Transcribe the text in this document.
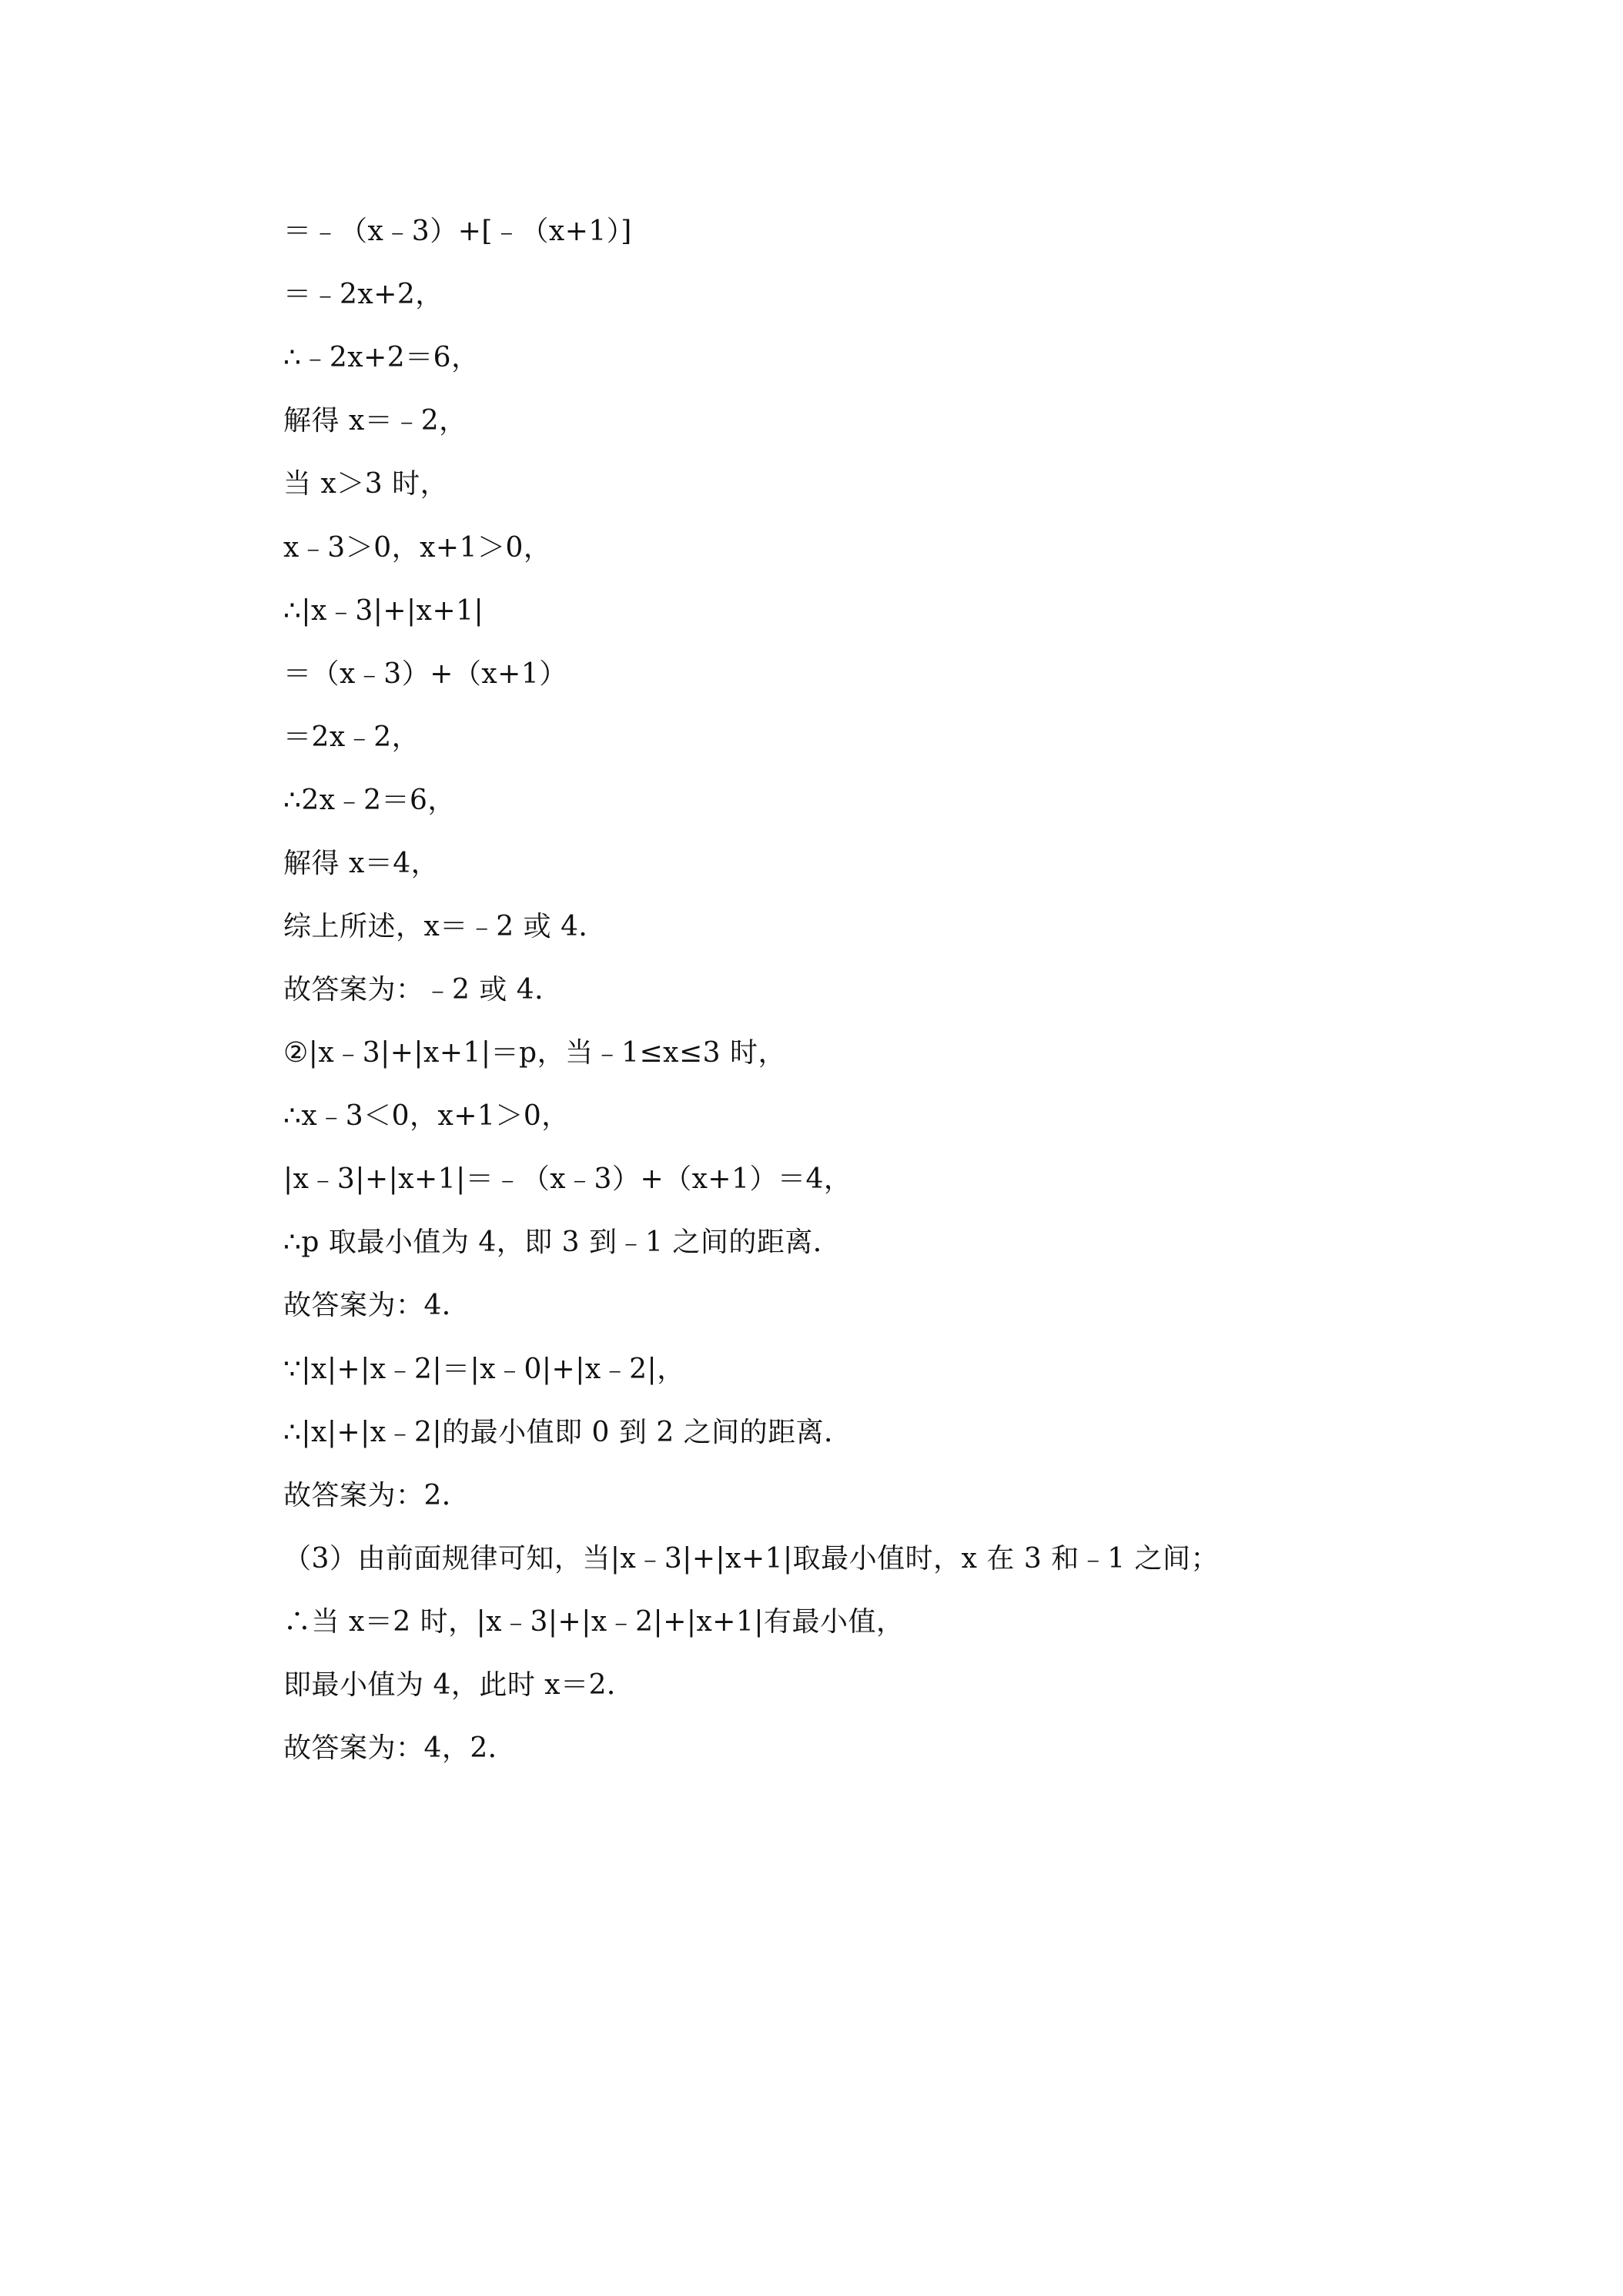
＝﹣（x﹣3）+[﹣（x+1）]
＝﹣2x+2，
∴﹣2x+2＝6，
解得 x＝﹣2，
当 x＞3 时，
x﹣3＞0，x+1＞0，
∴|x﹣3|+|x+1|
＝（x﹣3）+（x+1）
＝2x﹣2，
∴2x﹣2＝6，
解得 x＝4，
综上所述，x＝﹣2 或 4．
故答案为：﹣2 或 4．
②|x﹣3|+|x+1|＝p，当﹣1≤x≤3 时，
∴x﹣3＜0，x+1＞0，
|x﹣3|+|x+1|＝﹣（x﹣3）+（x+1）＝4，
∴p 取最小值为 4，即 3 到﹣1 之间的距离．
故答案为：4．
∵|x|+|x﹣2|＝|x﹣0|+|x﹣2|，
∴|x|+|x﹣2|的最小值即 0 到 2 之间的距离．
故答案为：2．
（3）由前面规律可知，当|x﹣3|+|x+1|取最小值时，x 在 3 和﹣1 之间；
∴当 x＝2 时，|x﹣3|+|x﹣2|+|x+1|有最小值，
即最小值为 4，此时 x＝2．
故答案为：4，2．
